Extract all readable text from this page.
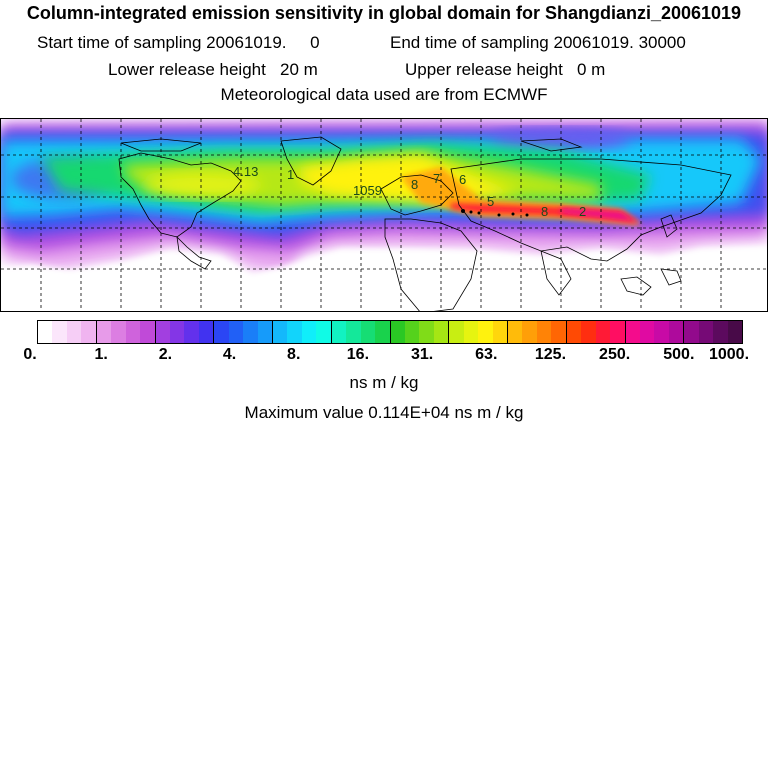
Column-integrated emission sensitivity in global domain for Shangdianzi_20061019
Start time of sampling 20061019.     0	End time of sampling 20061019. 30000
Lower release height 20 m	Upper release height 0 m
Meteorological data used are from ECMWF
4.13 1
1059 8 7 6
5
8 2
0.	1.	2.	4.	8.	16.	31.	63. 125. 250. 500. 1000.
ns m / kg
Maximum value 0.114E+04 ns m / kg
